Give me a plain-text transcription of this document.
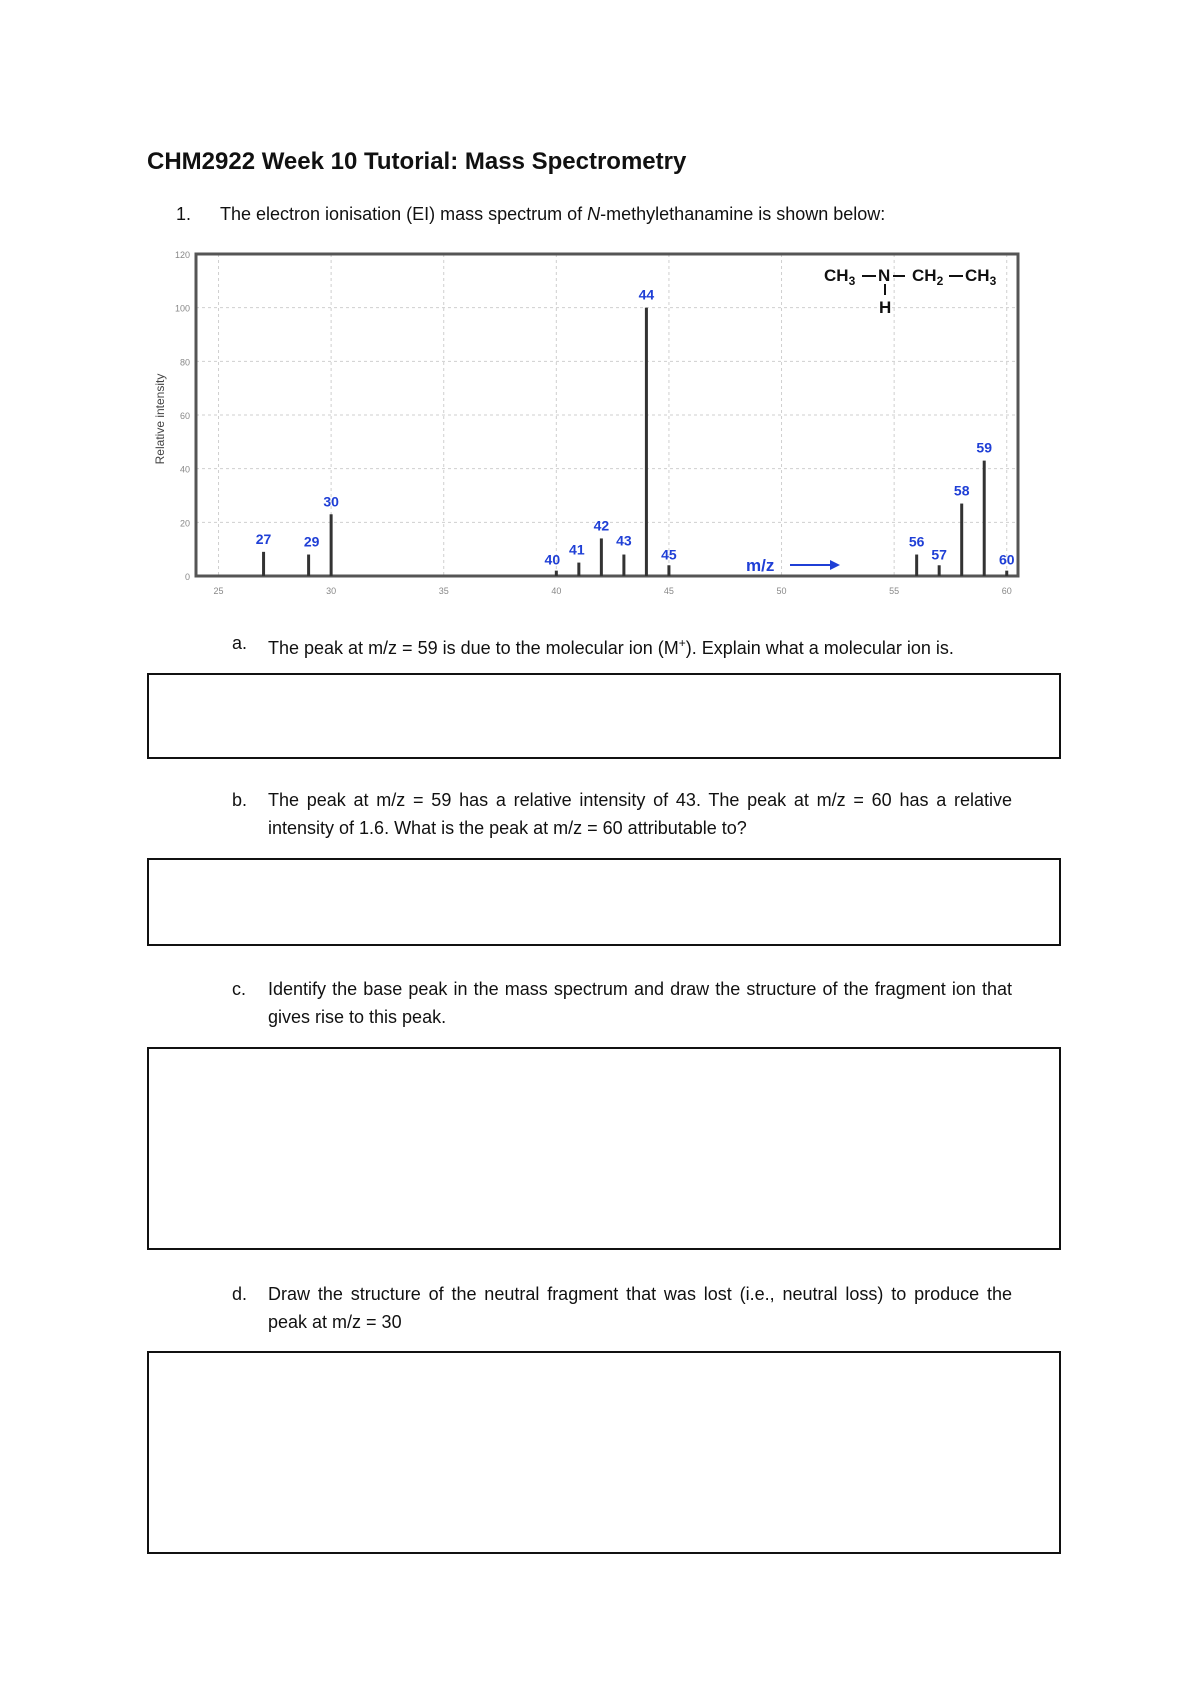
CHM2922 Week 10 Tutorial: Mass Spectrometry
1. The electron ionisation (EI) mass spectrum of N-methylethanamine is shown below:
0
20
40
60
80
100
120
25	30	35	40	45	50	55	60
Relative intensity
27 29
30
40
41
42
43
44
45
56
57
58
59
60
m/z
$CH_3$ N $CH_2$ $CH_3$
H
a. The peak at m/z = 59 is due to the molecular ion (M+). Explain what a molecular ion is.
b. The peak at m/z = 59 has a relative intensity of 43. The peak at m/z = 60 has a relative intensity of 1.6. What is the peak at m/z = 60 attributable to?
c. Identify the base peak in the mass spectrum and draw the structure of the fragment ion that gives rise to this peak.
d. Draw the structure of the neutral fragment that was lost (i.e., neutral loss) to produce the peak at m/z = 30
